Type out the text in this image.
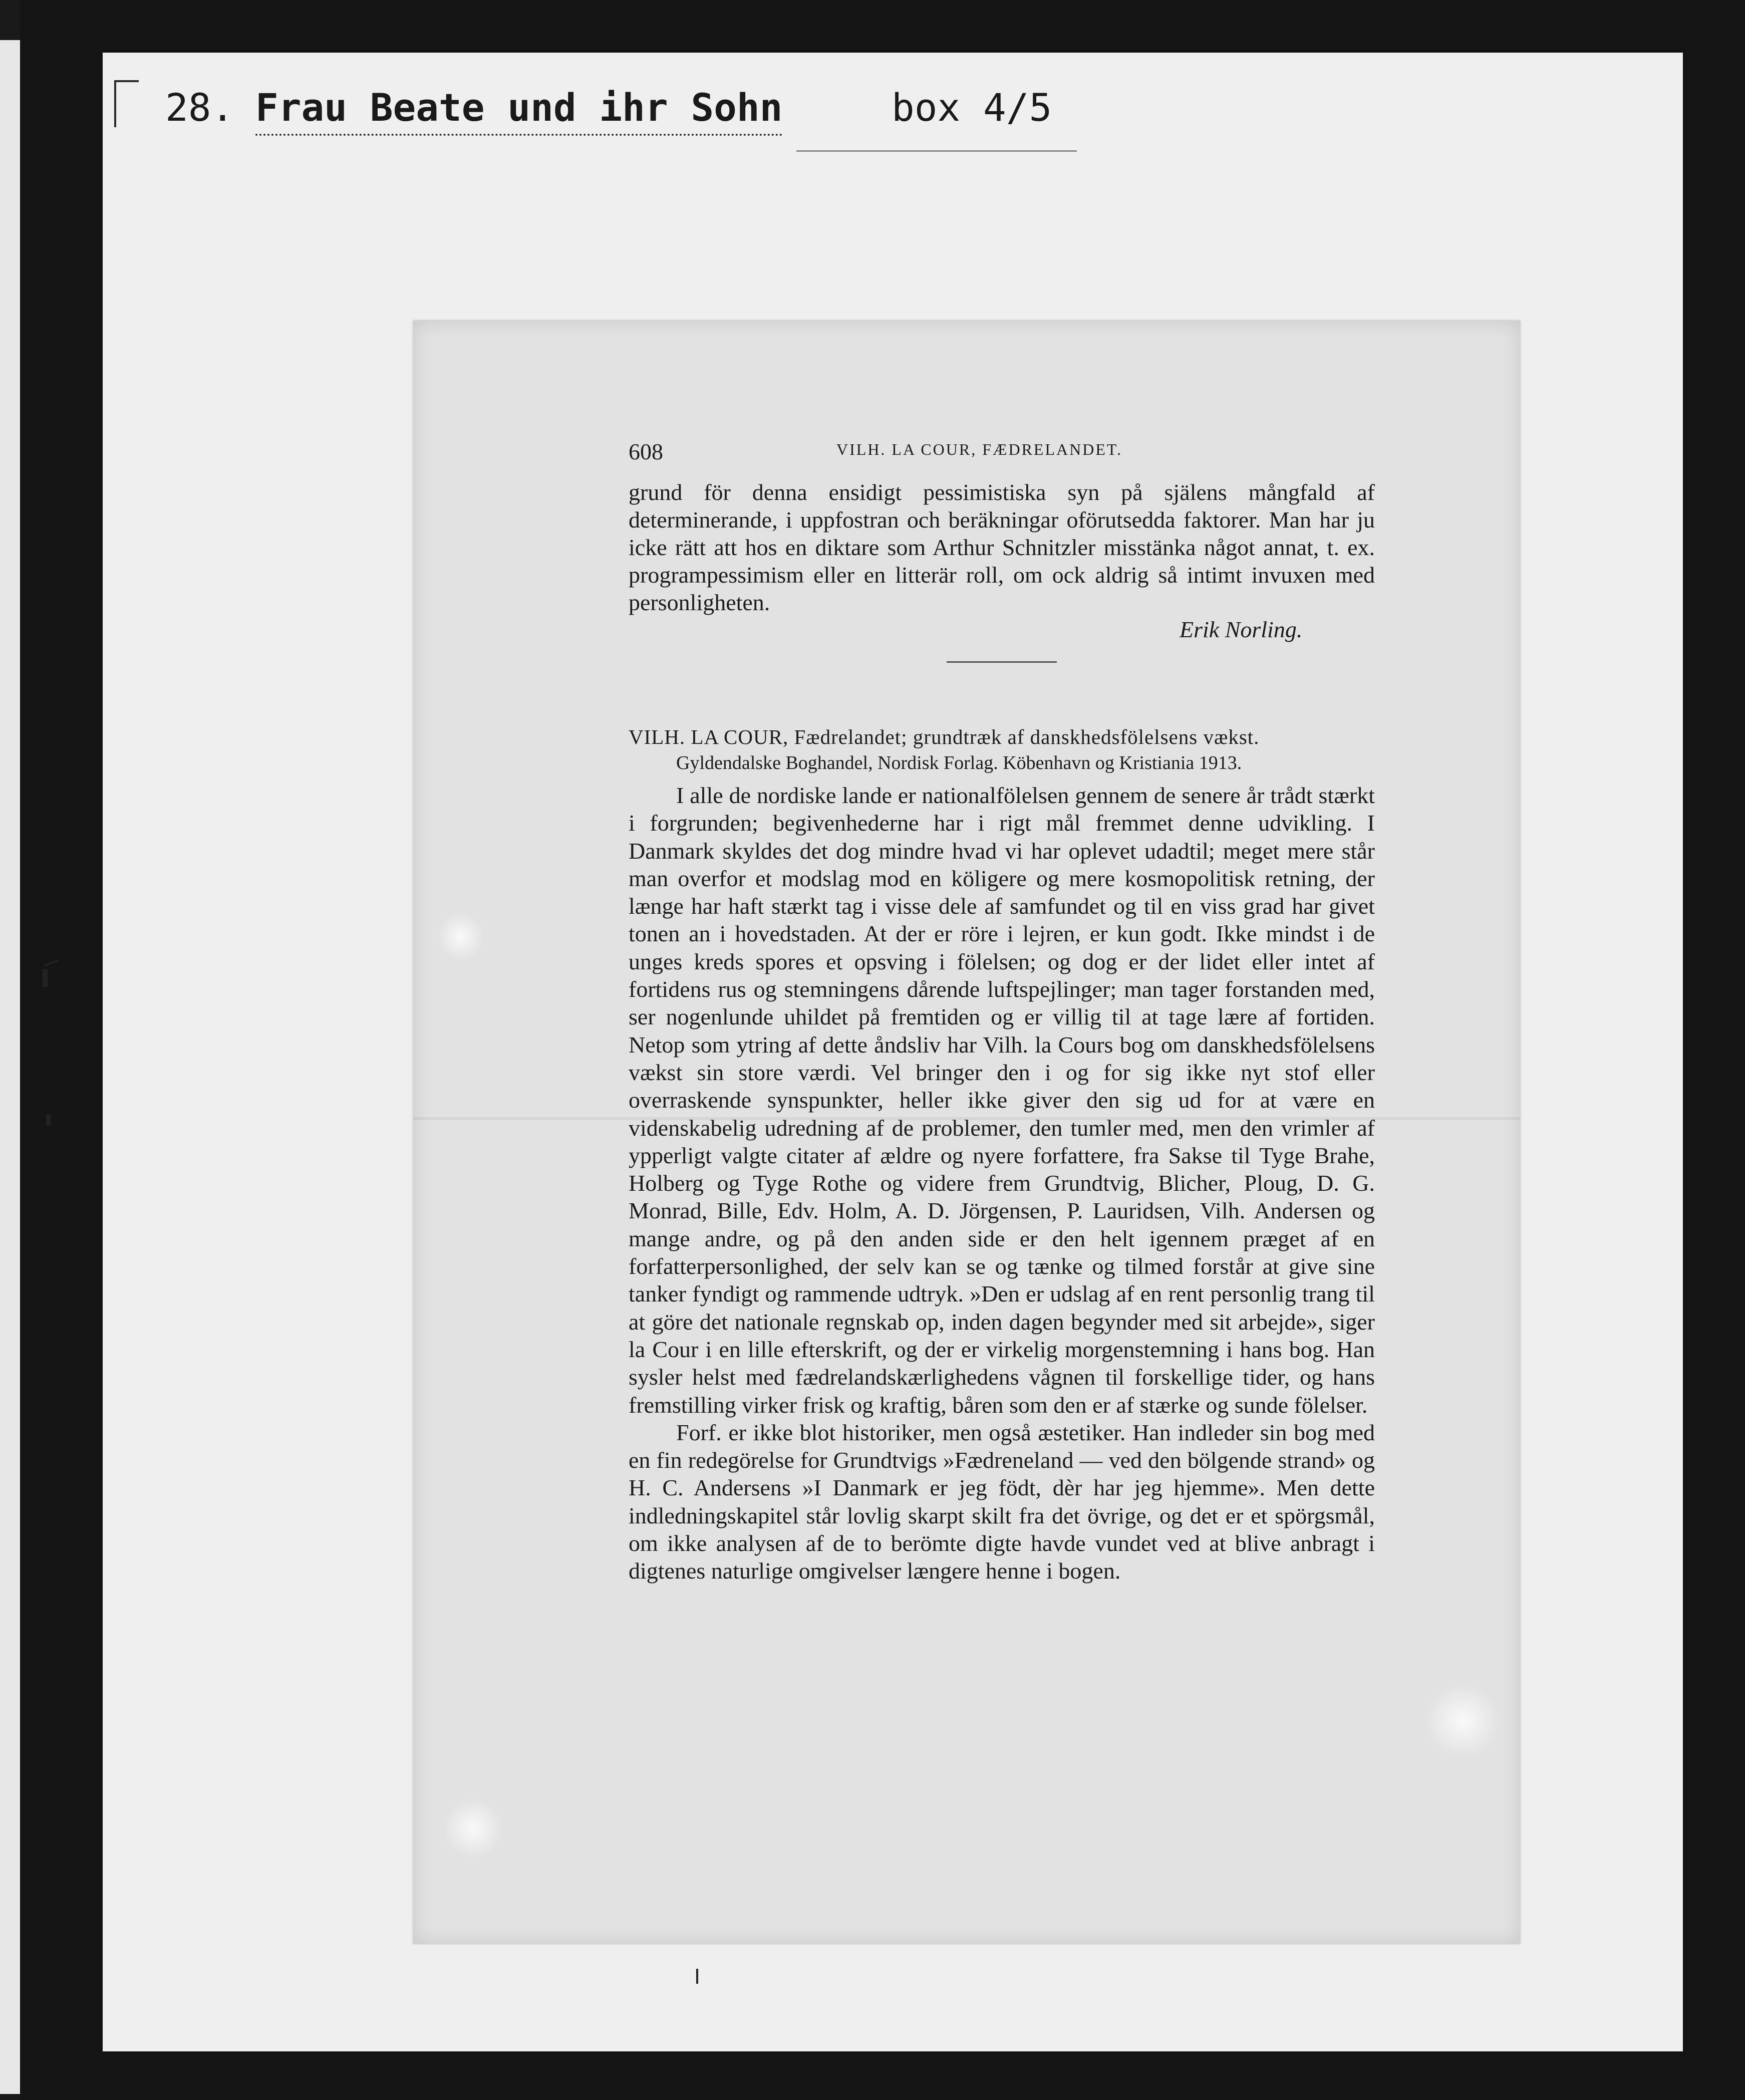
28. Frau Beate und ihr Sohn	box 4/5
608	VILH. LA COUR, FÆDRELANDET.
grund för denna ensidigt pessimistiska syn på själens mångfald af determinerande, i uppfostran och beräkningar oförutsedda faktorer. Man har ju icke rätt att hos en diktare som Arthur Schnitzler misstänka något annat, t. ex. programpessimism eller en litterär roll, om ock aldrig så intimt invuxen med personligheten.
Erik Norling.
VILH. LA COUR, Fædrelandet; grundtræk af danskhedsfölelsens vækst.
Gyldendalske Boghandel, Nordisk Forlag. Köbenhavn og Kristiania 1913.

I alle de nordiske lande er nationalfölelsen gennem de senere år trådt stærkt i forgrunden; begivenhederne har i rigt mål fremmet denne udvikling. I Danmark skyldes det dog mindre hvad vi har oplevet udadtil; meget mere står man overfor et modslag mod en köligere og mere kosmopolitisk retning, der længe har haft stærkt tag i visse dele af samfundet og til en viss grad har givet tonen an i hovedstaden. At der er röre i lejren, er kun godt. Ikke mindst i de unges kreds spores et opsving i fölelsen; og dog er der lidet eller intet af fortidens rus og stemningens dårende luftspejlinger; man tager forstanden med, ser nogenlunde uhildet på fremtiden og er villig til at tage lære af fortiden. Netop som ytring af dette åndsliv har Vilh. la Cours bog om danskhedsfölelsens vækst sin store værdi. Vel bringer den i og for sig ikke nyt stof eller overraskende synspunkter, heller ikke giver den sig ud for at være en videnskabelig udredning af de problemer, den tumler med, men den vrimler af ypperligt valgte citater af ældre og nyere forfattere, fra Sakse til Tyge Brahe, Holberg og Tyge Rothe og videre frem Grundtvig, Blicher, Ploug, D. G. Monrad, Bille, Edv. Holm, A. D. Jörgensen, P. Lauridsen, Vilh. Andersen og mange andre, og på den anden side er den helt igennem præget af en forfatterpersonlighed, der selv kan se og tænke og tilmed forstår at give sine tanker fyndigt og rammende udtryk. »Den er udslag af en rent personlig trang til at göre det nationale regnskab op, inden dagen begynder med sit arbejde», siger la Cour i en lille efterskrift, og der er virkelig morgenstemning i hans bog. Han sysler helst med fædrelandskærlighedens vågnen til forskellige tider, og hans fremstilling virker frisk og kraftig, båren som den er af stærke og sunde fölelser.

Forf. er ikke blot historiker, men også æstetiker. Han indleder sin bog med en fin redegörelse for Grundtvigs »Fædreneland — ved den bölgende strand» og H. C. Andersens »I Danmark er jeg födt, dèr har jeg hjemme». Men dette indledningskapitel står lovlig skarpt skilt fra det övrige, og det er et spörgsmål, om ikke analysen af de to berömte digte havde vundet ved at blive anbragt i digtenes naturlige omgivelser længere henne i bogen.
